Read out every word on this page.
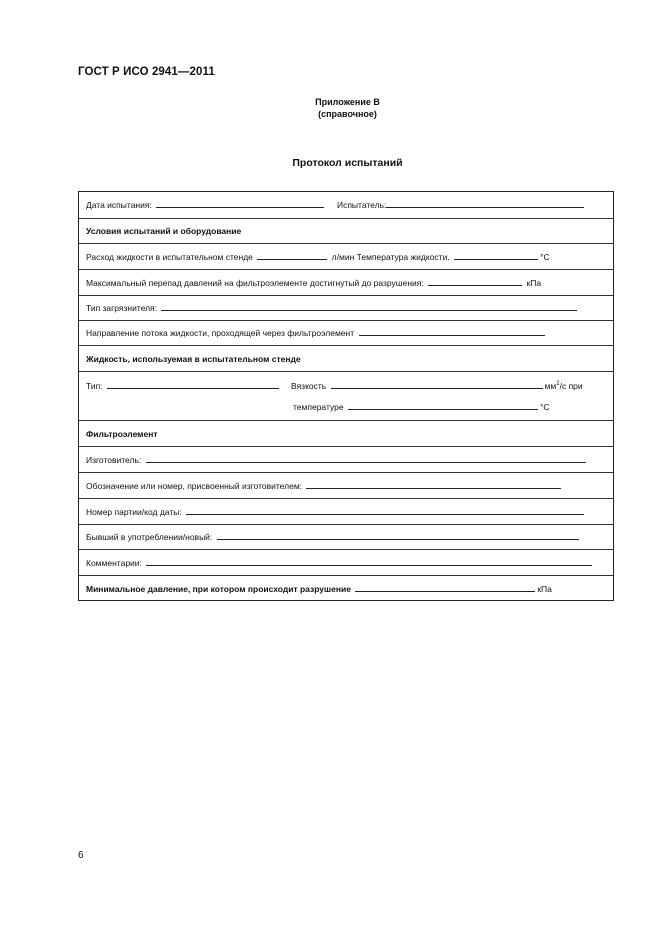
ГОСТ Р ИСО 2941—2011
Приложение В
(справочное)
Протокол испытаний
Дата испытания:	Испытатель:
Условия испытаний и оборудование
Расход жидкости в испытательном стенде	л/мин Температура жидкости.	°С
Максимальный перепад давлений на фильтроэлементе достигнутый до разрушения:	кПа
Тип загрязнителя:
Направление потока жидкости, проходящей через фильтроэлемент
Жидкость, используемая в испытательном стенде
Тип:	Вязкость	$мм^2/с$ при
температуре	°С
Фильтроэлемент
Изготовитель:
Обозначение или номер, присвоенный изготовителем:
Номер партии/код даты:
Бывший в употреблении/новый:
Комментарии:
Минимальное давление, при котором происходит разрушение	кПа
6
